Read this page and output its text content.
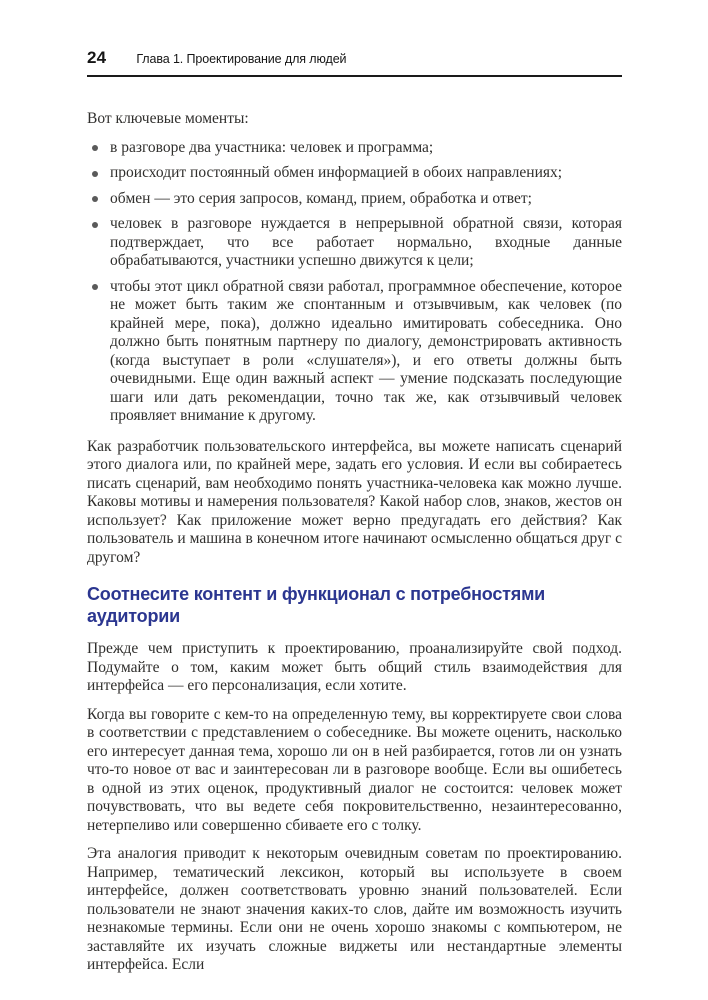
24 Глава 1. Проектирование для людей

Вот ключевые моменты:

в разговоре два участника: человек и программа;
происходит постоянный обмен информацией в обоих направлениях;
обмен — это серия запросов, команд, прием, обработка и ответ;
человек в разговоре нуждается в непрерывной обратной связи, которая подтверждает, что все работает нормально, входные данные обрабатываются, участники успешно движутся к цели;
чтобы этот цикл обратной связи работал, программное обеспечение, которое не может быть таким же спонтанным и отзывчивым, как человек (по крайней мере, пока), должно идеально имитировать собеседника. Оно должно быть понятным партнеру по диалогу, демонстрировать активность (когда выступает в роли «слушателя»), и его ответы должны быть очевидными. Еще один важный аспект — умение подсказать последующие шаги или дать рекомендации, точно так же, как отзывчивый человек проявляет внимание к другому.

Как разработчик пользовательского интерфейса, вы можете написать сценарий этого диалога или, по крайней мере, задать его условия. И если вы собираетесь писать сценарий, вам необходимо понять участника-человека как можно лучше. Каковы мотивы и намерения пользователя? Какой набор слов, знаков, жестов он использует? Как приложение может верно предугадать его действия? Как пользователь и машина в конечном итоге начинают осмысленно общаться друг с другом?

Соотнесите контент и функционал с потребностями аудитории

Прежде чем приступить к проектированию, проанализируйте свой подход. Подумайте о том, каким может быть общий стиль взаимодействия для интерфейса — его персонализация, если хотите.

Когда вы говорите с кем-то на определенную тему, вы корректируете свои слова в соответствии с представлением о собеседнике. Вы можете оценить, насколько его интересует данная тема, хорошо ли он в ней разбирается, готов ли он узнать что-то новое от вас и заинтересован ли в разговоре вообще. Если вы ошибетесь в одной из этих оценок, продуктивный диалог не состоится: человек может почувствовать, что вы ведете себя покровительственно, незаинтересованно, нетерпеливо или совершенно сбиваете его с толку.

Эта аналогия приводит к некоторым очевидным советам по проектированию. Например, тематический лексикон, который вы используете в своем интерфейсе, должен соответствовать уровню знаний пользователей. Если пользователи не знают значения каких-то слов, дайте им возможность изучить незнакомые термины. Если они не очень хорошо знакомы с компьютером, не заставляйте их изучать сложные виджеты или нестандартные элементы интерфейса. Если
